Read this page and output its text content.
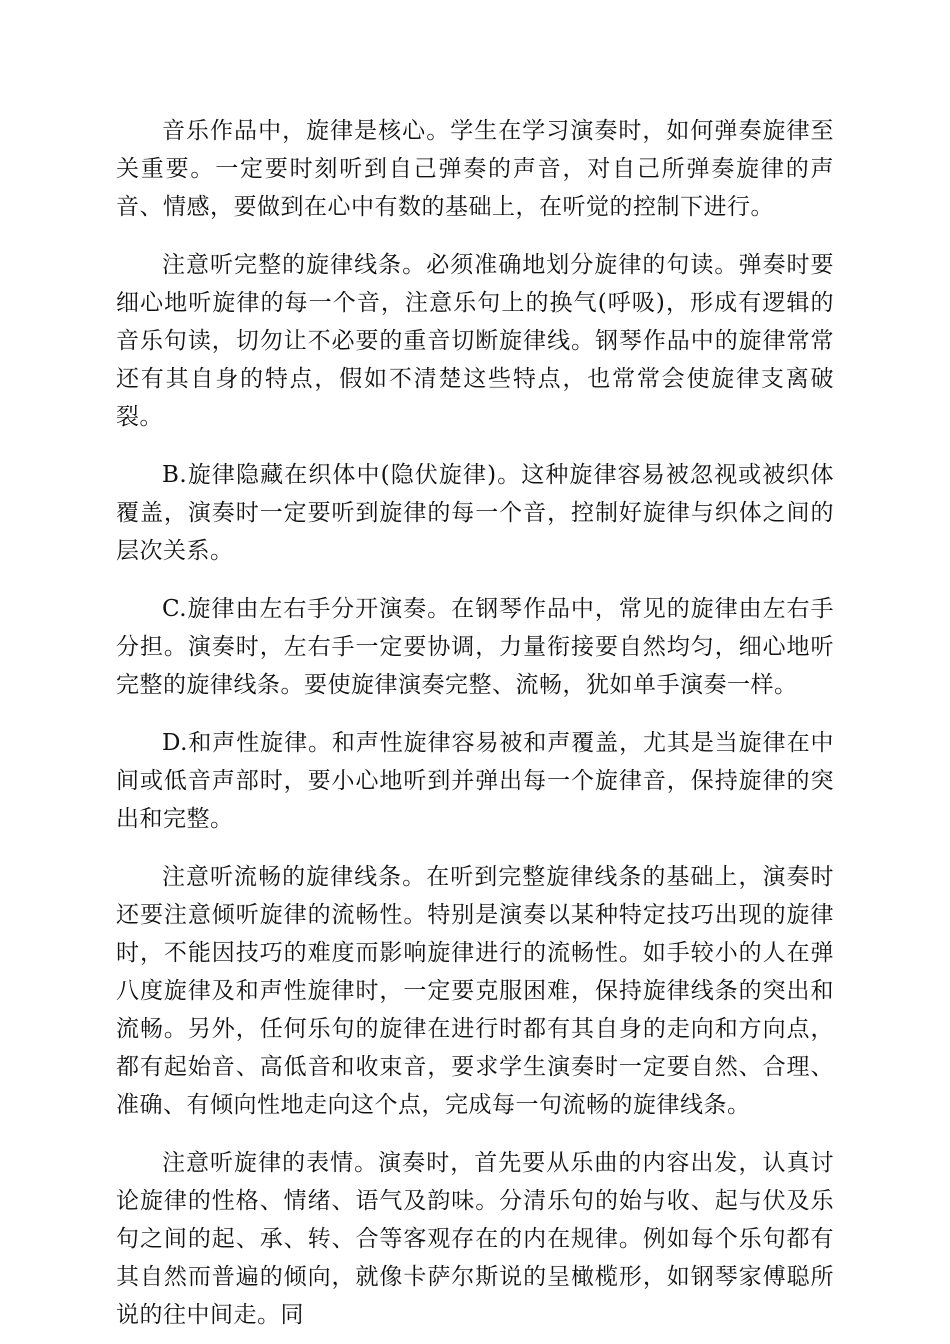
音乐作品中，旋律是核心。学生在学习演奏时，如何弹奏旋律至关重要。一定要时刻听到自己弹奏的声音，对自己所弹奏旋律的声音、情感，要做到在心中有数的基础上，在听觉的控制下进行。

注意听完整的旋律线条。必须准确地划分旋律的句读。弹奏时要细心地听旋律的每一个音，注意乐句上的换气(呼吸)，形成有逻辑的音乐句读，切勿让不必要的重音切断旋律线。钢琴作品中的旋律常常还有其自身的特点，假如不清楚这些特点，也常常会使旋律支离破裂。

B.旋律隐藏在织体中(隐伏旋律)。这种旋律容易被忽视或被织体覆盖，演奏时一定要听到旋律的每一个音，控制好旋律与织体之间的层次关系。

C.旋律由左右手分开演奏。在钢琴作品中，常见的旋律由左右手分担。演奏时，左右手一定要协调，力量衔接要自然均匀，细心地听完整的旋律线条。要使旋律演奏完整、流畅，犹如单手演奏一样。

D.和声性旋律。和声性旋律容易被和声覆盖，尤其是当旋律在中间或低音声部时，要小心地听到并弹出每一个旋律音，保持旋律的突出和完整。

注意听流畅的旋律线条。在听到完整旋律线条的基础上，演奏时还要注意倾听旋律的流畅性。特别是演奏以某种特定技巧出现的旋律时，不能因技巧的难度而影响旋律进行的流畅性。如手较小的人在弹八度旋律及和声性旋律时，一定要克服困难，保持旋律线条的突出和流畅。另外，任何乐句的旋律在进行时都有其自身的走向和方向点，都有起始音、高低音和收束音，要求学生演奏时一定要自然、合理、准确、有倾向性地走向这个点，完成每一句流畅的旋律线条。

注意听旋律的表情。演奏时，首先要从乐曲的内容出发，认真讨论旋律的性格、情绪、语气及韵味。分清乐句的始与收、起与伏及乐句之间的起、承、转、合等客观存在的内在规律。例如每个乐句都有其自然而普遍的倾向，就像卡萨尔斯说的呈橄榄形，如钢琴家傅聪所说的往中间走。同
